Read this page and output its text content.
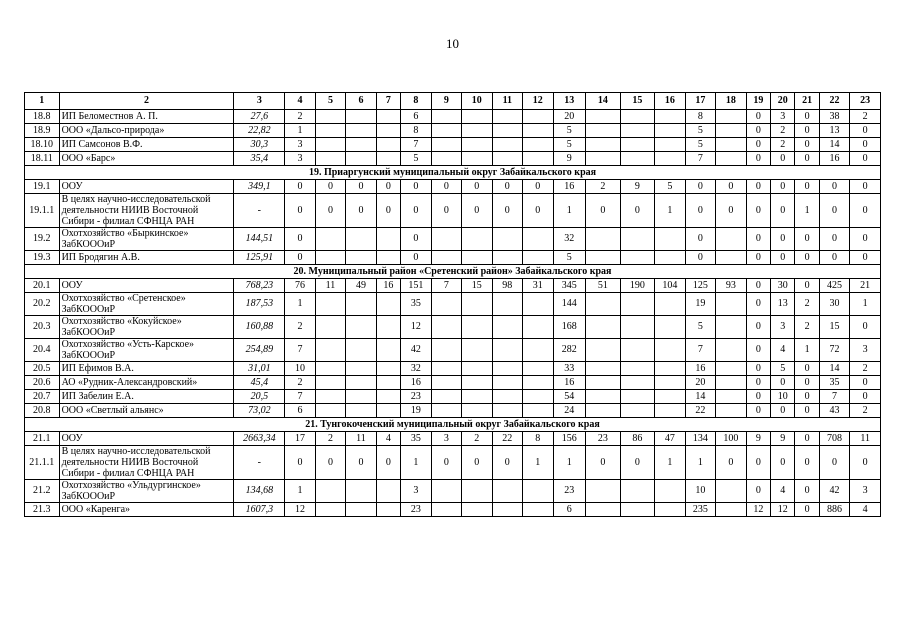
10
1	2	3	4	5	6	7	8	9	10	11	12	13	14	15	16	17	18	19	20	21	22	23
18.8	ИП Беломестнов А. П.	27,6	2				6					20				8		0	3	0	38	2
18.9	ООО «Дальсо-природа»	22,82	1				8					5				5		0	2	0	13	0
18.10	ИП Самсонов В.Ф.	30,3	3				7					5				5		0	2	0	14	0
18.11	ООО «Барс»	35,4	3				5					9				7		0	0	0	16	0
19. Приаргунский муниципальный округ Забайкальского края																						
19.1	ООУ	349,1	0	0	0	0	0	0	0	0	0	16	2	9	5	0	0	0	0	0	0	0
19.1.1	В целях научно-исследовательской деятельности НИИВ Восточной Сибири - филиал СФНЦА РАН	-	0	0	0	0	0	0	0	0	0	1	0	0	1	0	0	0	0	1	0	0
19.2	Охотхозяйство «Быркинское» ЗабКОООиР	144,51	0				0					32				0		0	0	0	0	0
19.3	ИП Бродягин А.В.	125,91	0				0					5				0		0	0	0	0	0
20. Муниципальный район «Сретенский район» Забайкальского края																						
20.1	ООУ	768,23	76	11	49	16	151	7	15	98	31	345	51	190	104	125	93	0	30	0	425	21
20.2	Охотхозяйство «Сретенское» ЗабКОООиР	187,53	1				35					144				19		0	13	2	30	1
20.3	Охотхозяйство «Кокуйское» ЗабКОООиР	160,88	2				12					168				5		0	3	2	15	0
20.4	Охотхозяйство «Усть-Карское» ЗабКОООиР	254,89	7				42					282				7		0	4	1	72	3
20.5	ИП Ефимов В.А.	31,01	10				32					33				16		0	5	0	14	2
20.6	АО «Рудник-Александровский»	45,4	2				16					16				20		0	0	0	35	0
20.7	ИП Забелин Е.А.	20,5	7				23					54				14		0	10	0	7	0
20.8	ООО «Светлый альянс»	73,02	6				19					24				22		0	0	0	43	2
21. Тунгокоченский муниципальный округ Забайкальского края																						
21.1	ООУ	2663,34	17	2	11	4	35	3	2	22	8	156	23	86	47	134	100	9	9	0	708	11
21.1.1	В целях научно-исследовательской деятельности НИИВ Восточной Сибири - филиал СФНЦА РАН	-	0	0	0	0	1	0	0	0	1	1	0	0	1	1	0	0	0	0	0	0
21.2	Охотхозяйство «Ульдургинское» ЗабКОООиР	134,68	1				3					23				10		0	4	0	42	3
21.3	ООО «Каренга»	1607,3	12				23					6				235		12	12	0	886	4
